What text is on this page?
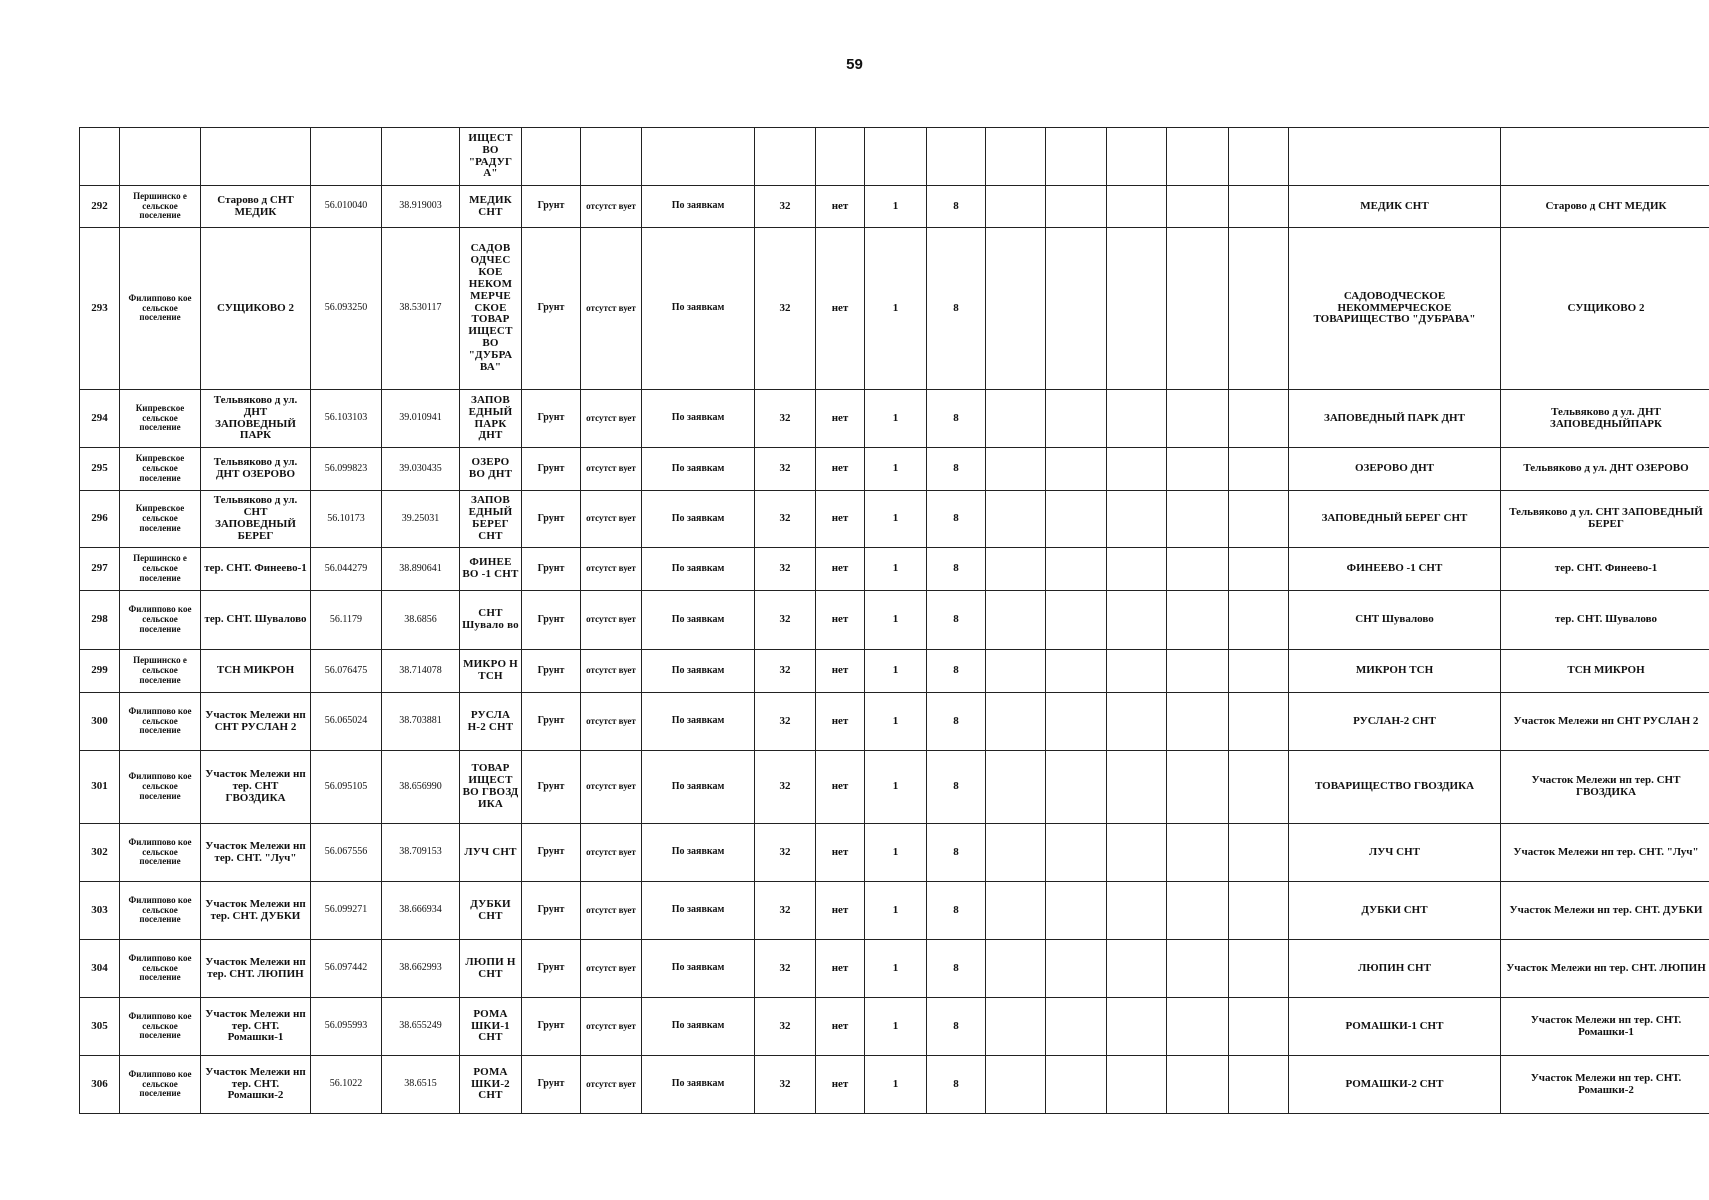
59
					ИЩЕСТ ВО "РАДУГ А"														
292	Першинско е сельское поселение	Старово д СНТ МЕДИК	56.010040	38.919003	МЕДИК СНТ	Грунт	отсутст вует	По заявкам	32	нет	1	8						МЕДИК СНТ	Старово д СНТ МЕДИК
293	Филиппово кое сельское поселение	СУЩИКОВО 2	56.093250	38.530117	САДОВ ОДЧЕС КОЕ НЕКОМ МЕРЧЕ СКОЕ ТОВАР ИЩЕСТ ВО "ДУБРА ВА"	Грунт	отсутст вует	По заявкам	32	нет	1	8						САДОВОДЧЕСКОЕ НЕКОММЕРЧЕСКОЕ ТОВАРИЩЕСТВО "ДУБРАВА"	СУЩИКОВО 2
294	Кипревское сельское поселение	Тельвяково д ул. ДНТ ЗАПОВЕДНЫЙ ПАРК	56.103103	39.010941	ЗАПОВ ЕДНЫЙ ПАРК ДНТ	Грунт	отсутст вует	По заявкам	32	нет	1	8						ЗАПОВЕДНЫЙ ПАРК ДНТ	Тельвяково д ул. ДНТ ЗАПОВЕДНЫЙПАРК
295	Кипревское сельское поселение	Тельвяково д ул. ДНТ ОЗЕРОВО	56.099823	39.030435	ОЗЕРО ВО ДНТ	Грунт	отсутст вует	По заявкам	32	нет	1	8						ОЗЕРОВО ДНТ	Тельвяково д ул. ДНТ ОЗЕРОВО
296	Кипревское сельское поселение	Тельвяково д ул. СНТ ЗАПОВЕДНЫЙ БЕРЕГ	56.10173	39.25031	ЗАПОВ ЕДНЫЙ БЕРЕГ СНТ	Грунт	отсутст вует	По заявкам	32	нет	1	8						ЗАПОВЕДНЫЙ БЕРЕГ СНТ	Тельвяково д ул. СНТ ЗАПОВЕДНЫЙ БЕРЕГ
297	Першинско е сельское поселение	тер. СНТ. Финеево-1	56.044279	38.890641	ФИНЕЕ ВО -1 СНТ	Грунт	отсутст вует	По заявкам	32	нет	1	8						ФИНЕЕВО -1 СНТ	тер. СНТ. Финеево-1
298	Филиппово кое сельское поселение	тер. СНТ. Шувалово	56.1179	38.6856	СНТ Шувало во	Грунт	отсутст вует	По заявкам	32	нет	1	8						СНТ Шувалово	тер. СНТ. Шувалово
299	Першинско е сельское поселение	ТСН МИКРОН	56.076475	38.714078	МИКРО Н ТСН	Грунт	отсутст вует	По заявкам	32	нет	1	8						МИКРОН ТСН	ТСН МИКРОН
300	Филиппово кое сельское поселение	Участок Мележи нп СНТ РУСЛАН 2	56.065024	38.703881	РУСЛА Н-2 СНТ	Грунт	отсутст вует	По заявкам	32	нет	1	8						РУСЛАН-2 СНТ	Участок Мележи нп СНТ РУСЛАН 2
301	Филиппово кое сельское поселение	Участок Мележи нп тер. СНТ ГВОЗДИКА	56.095105	38.656990	ТОВАР ИЩЕСТ ВО ГВОЗД ИКА	Грунт	отсутст вует	По заявкам	32	нет	1	8						ТОВАРИЩЕСТВО ГВОЗДИКА	Участок Мележи нп тер. СНТ ГВОЗДИКА
302	Филиппово кое сельское поселение	Участок Мележи нп тер. СНТ. "Луч"	56.067556	38.709153	ЛУЧ СНТ	Грунт	отсутст вует	По заявкам	32	нет	1	8						ЛУЧ СНТ	Участок Мележи нп тер. СНТ. "Луч"
303	Филиппово кое сельское поселение	Участок Мележи нп тер. СНТ. ДУБКИ	56.099271	38.666934	ДУБКИ СНТ	Грунт	отсутст вует	По заявкам	32	нет	1	8						ДУБКИ СНТ	Участок Мележи нп тер. СНТ. ДУБКИ
304	Филиппово кое сельское поселение	Участок Мележи нп тер. СНТ. ЛЮПИН	56.097442	38.662993	ЛЮПИ Н СНТ	Грунт	отсутст вует	По заявкам	32	нет	1	8						ЛЮПИН СНТ	Участок Мележи нп тер. СНТ. ЛЮПИН
305	Филиппово кое сельское поселение	Участок Мележи нп тер. СНТ. Ромашки-1	56.095993	38.655249	РОМА ШКИ-1 СНТ	Грунт	отсутст вует	По заявкам	32	нет	1	8						РОМАШКИ-1 СНТ	Участок Мележи нп тер. СНТ. Ромашки-1
306	Филиппово кое сельское поселение	Участок Мележи нп тер. СНТ. Ромашки-2	56.1022	38.6515	РОМА ШКИ-2 СНТ	Грунт	отсутст вует	По заявкам	32	нет	1	8						РОМАШКИ-2 СНТ	Участок Мележи нп тер. СНТ. Ромашки-2
